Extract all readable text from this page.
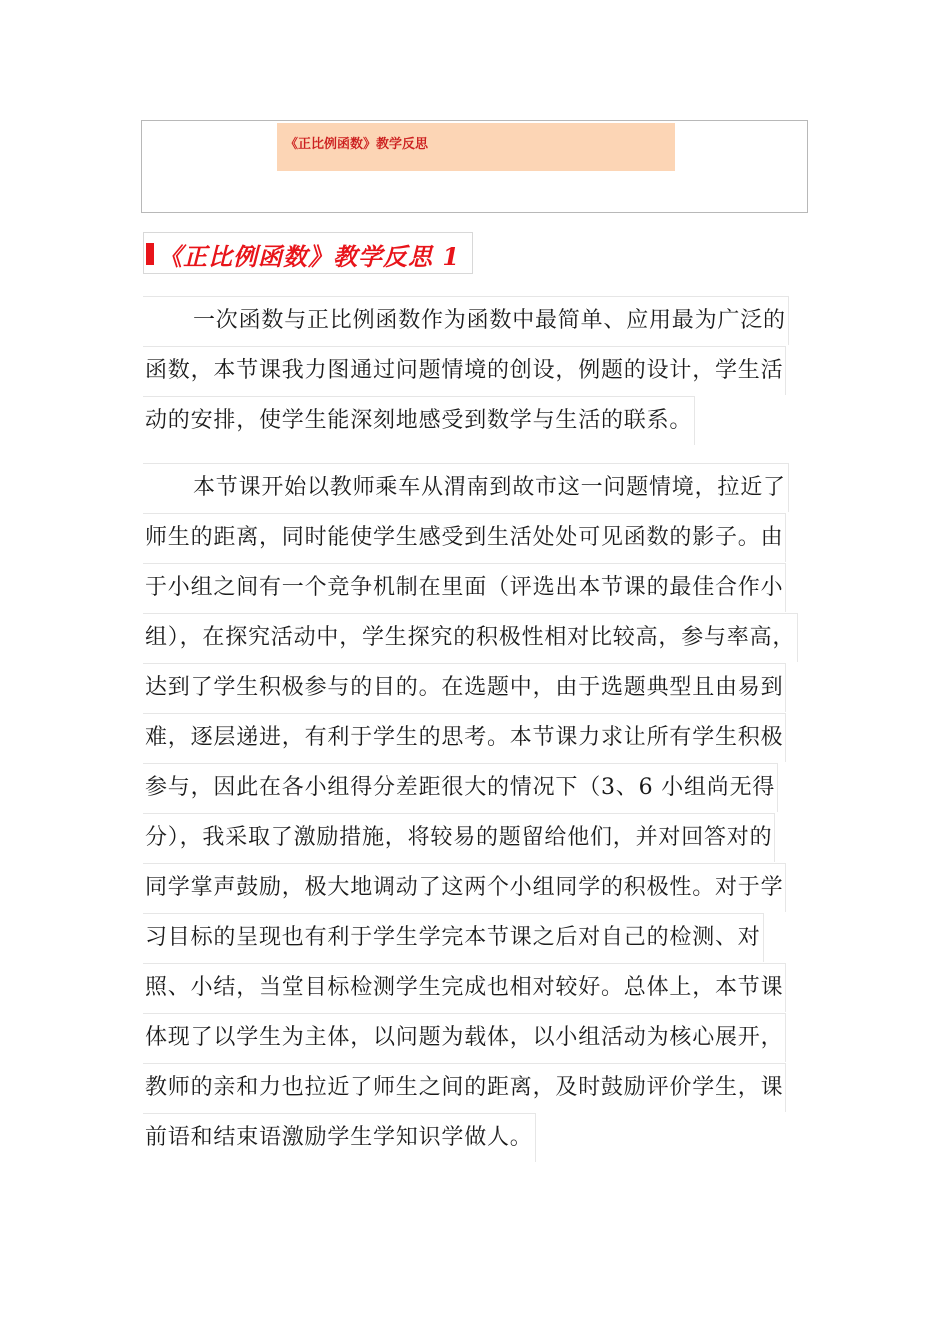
《正比例函数》教学反思
《正比例函数》教学反思 1
一次函数与正比例函数作为函数中最简单、应用最为广泛的
函数，本节课我力图通过问题情境的创设，例题的设计，学生活
动的安排，使学生能深刻地感受到数学与生活的联系。
本节课开始以教师乘车从渭南到故市这一问题情境，拉近了
师生的距离，同时能使学生感受到生活处处可见函数的影子。由
于小组之间有一个竞争机制在里面（评选出本节课的最佳合作小
组），在探究活动中，学生探究的积极性相对比较高，参与率高，
达到了学生积极参与的目的。在选题中，由于选题典型且由易到
难，逐层递进，有利于学生的思考。本节课力求让所有学生积极
参与，因此在各小组得分差距很大的情况下（3、6 小组尚无得
分），我采取了激励措施，将较易的题留给他们，并对回答对的
同学掌声鼓励，极大地调动了这两个小组同学的积极性。对于学
习目标的呈现也有利于学生学完本节课之后对自己的检测、对
照、小结，当堂目标检测学生完成也相对较好。总体上，本节课
体现了以学生为主体，以问题为载体，以小组活动为核心展开，
教师的亲和力也拉近了师生之间的距离，及时鼓励评价学生，课
前语和结束语激励学生学知识学做人。
